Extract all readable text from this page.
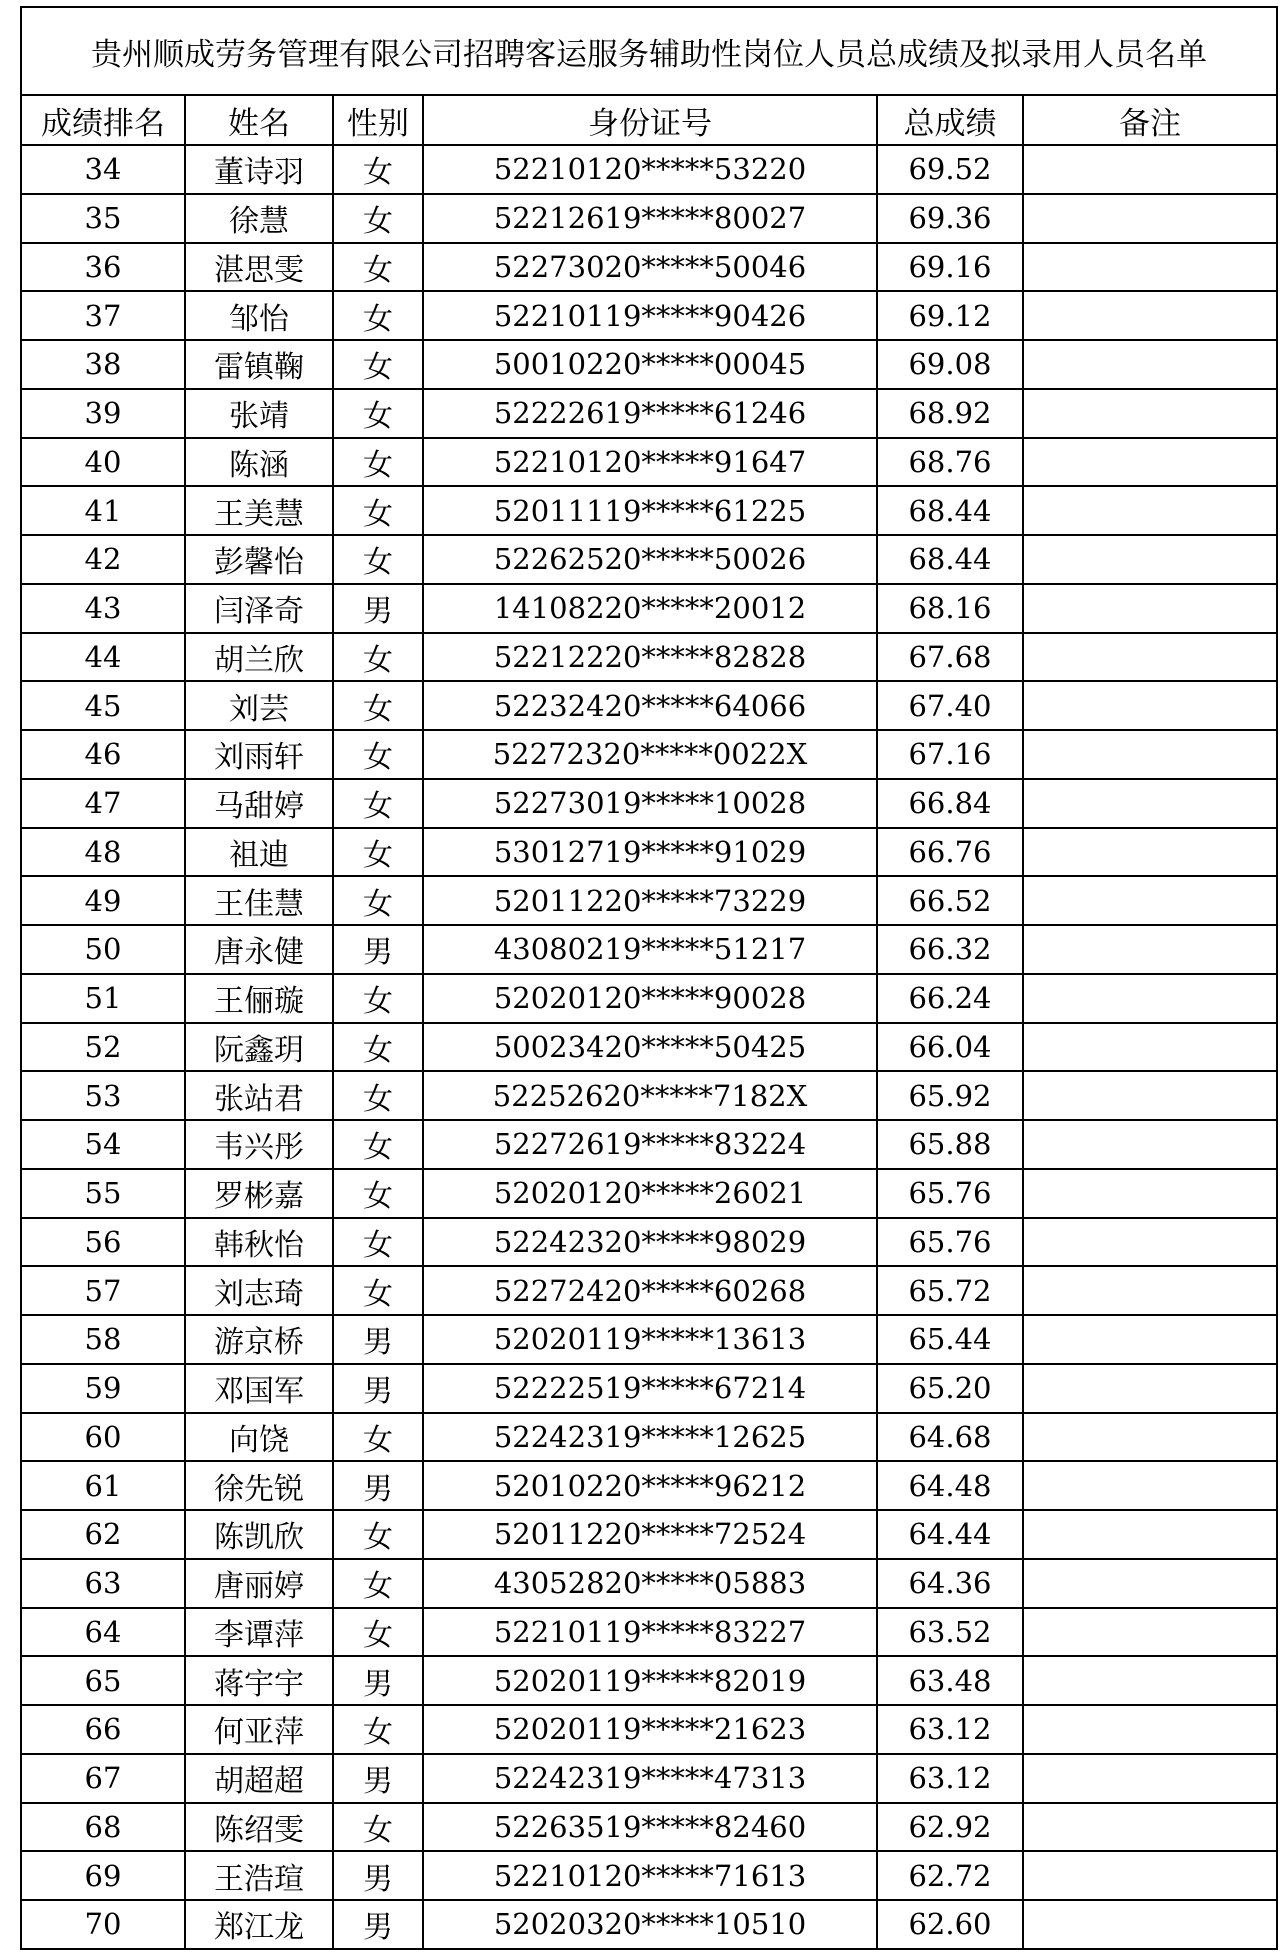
贵州顺成劳务管理有限公司招聘客运服务辅助性岗位人员总成绩及拟录用人员名单					
成绩排名	姓名	性别	身份证号	总成绩	备注
34	董诗羽	女	52210120*****53220	69.52	
35	徐慧	女	52212619*****80027	69.36	
36	湛思雯	女	52273020*****50046	69.16	
37	邹怡	女	52210119*****90426	69.12	
38	雷镇鞠	女	50010220*****00045	69.08	
39	张靖	女	52222619*****61246	68.92	
40	陈涵	女	52210120*****91647	68.76	
41	王美慧	女	52011119*****61225	68.44	
42	彭馨怡	女	52262520*****50026	68.44	
43	闫泽奇	男	14108220*****20012	68.16	
44	胡兰欣	女	52212220*****82828	67.68	
45	刘芸	女	52232420*****64066	67.40	
46	刘雨轩	女	52272320*****0022X	67.16	
47	马甜婷	女	52273019*****10028	66.84	
48	祖迪	女	53012719*****91029	66.76	
49	王佳慧	女	52011220*****73229	66.52	
50	唐永健	男	43080219*****51217	66.32	
51	王俪璇	女	52020120*****90028	66.24	
52	阮鑫玥	女	50023420*****50425	66.04	
53	张站君	女	52252620*****7182X	65.92	
54	韦兴彤	女	52272619*****83224	65.88	
55	罗彬嘉	女	52020120*****26021	65.76	
56	韩秋怡	女	52242320*****98029	65.76	
57	刘志琦	女	52272420*****60268	65.72	
58	游京桥	男	52020119*****13613	65.44	
59	邓国军	男	52222519*****67214	65.20	
60	向饶	女	52242319*****12625	64.68	
61	徐先锐	男	52010220*****96212	64.48	
62	陈凯欣	女	52011220*****72524	64.44	
63	唐丽婷	女	43052820*****05883	64.36	
64	李谭萍	女	52210119*****83227	63.52	
65	蒋宇宇	男	52020119*****82019	63.48	
66	何亚萍	女	52020119*****21623	63.12	
67	胡超超	男	52242319*****47313	63.12	
68	陈绍雯	女	52263519*****82460	62.92	
69	王浩瑄	男	52210120*****71613	62.72	
70	郑江龙	男	52020320*****10510	62.60	
